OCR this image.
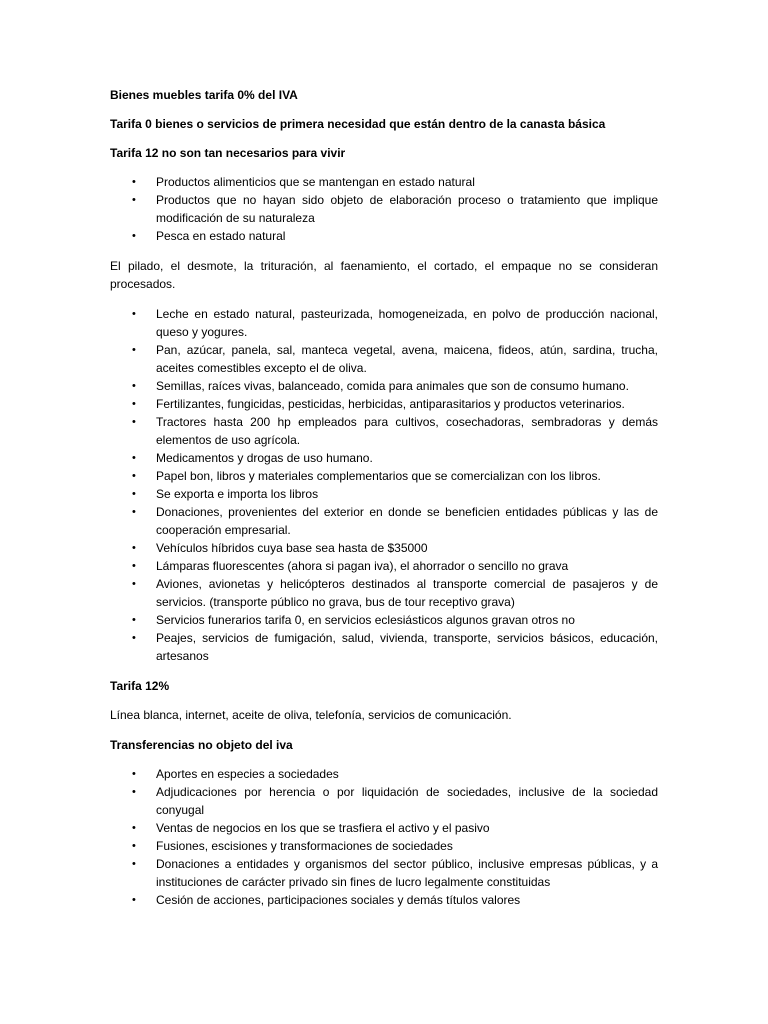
Bienes muebles tarifa 0% del IVA

Tarifa 0 bienes o servicios de primera necesidad que están dentro de la canasta básica

Tarifa 12 no son tan necesarios para vivir

• Productos alimenticios que se mantengan en estado natural
• Productos que no hayan sido objeto de elaboración proceso o tratamiento que implique modificación de su naturaleza
• Pesca en estado natural

El pilado, el desmote, la trituración, al faenamiento, el cortado, el empaque no se consideran procesados.

• Leche en estado natural, pasteurizada, homogeneizada, en polvo de producción nacional, queso y yogures.
• Pan, azúcar, panela, sal, manteca vegetal, avena, maicena, fideos, atún, sardina, trucha, aceites comestibles excepto el de oliva.
• Semillas, raíces vivas, balanceado, comida para animales que son de consumo humano.
• Fertilizantes, fungicidas, pesticidas, herbicidas, antiparasitarios y productos veterinarios.
• Tractores hasta 200 hp empleados para cultivos, cosechadoras, sembradoras y demás elementos de uso agrícola.
• Medicamentos y drogas de uso humano.
• Papel bon, libros y materiales complementarios que se comercializan con los libros.
• Se exporta e importa los libros
• Donaciones, provenientes del exterior en donde se beneficien entidades públicas y las de cooperación empresarial.
• Vehículos híbridos cuya base sea hasta de $35000
• Lámparas fluorescentes (ahora si pagan iva), el ahorrador o sencillo no grava
• Aviones, avionetas y helicópteros destinados al transporte comercial de pasajeros y de servicios. (transporte público no grava, bus de tour receptivo grava)
• Servicios funerarios tarifa 0, en servicios eclesiásticos algunos gravan otros no
• Peajes, servicios de fumigación, salud, vivienda, transporte, servicios básicos, educación, artesanos

Tarifa 12%

Línea blanca, internet, aceite de oliva, telefonía, servicios de comunicación.

Transferencias no objeto del iva

• Aportes en especies a sociedades
• Adjudicaciones por herencia o por liquidación de sociedades, inclusive de la sociedad conyugal
• Ventas de negocios en los que se trasfiera el activo y el pasivo
• Fusiones, escisiones y transformaciones de sociedades
• Donaciones a entidades y organismos del sector público, inclusive empresas públicas, y a instituciones de carácter privado sin fines de lucro legalmente constituidas
• Cesión de acciones, participaciones sociales y demás títulos valores
